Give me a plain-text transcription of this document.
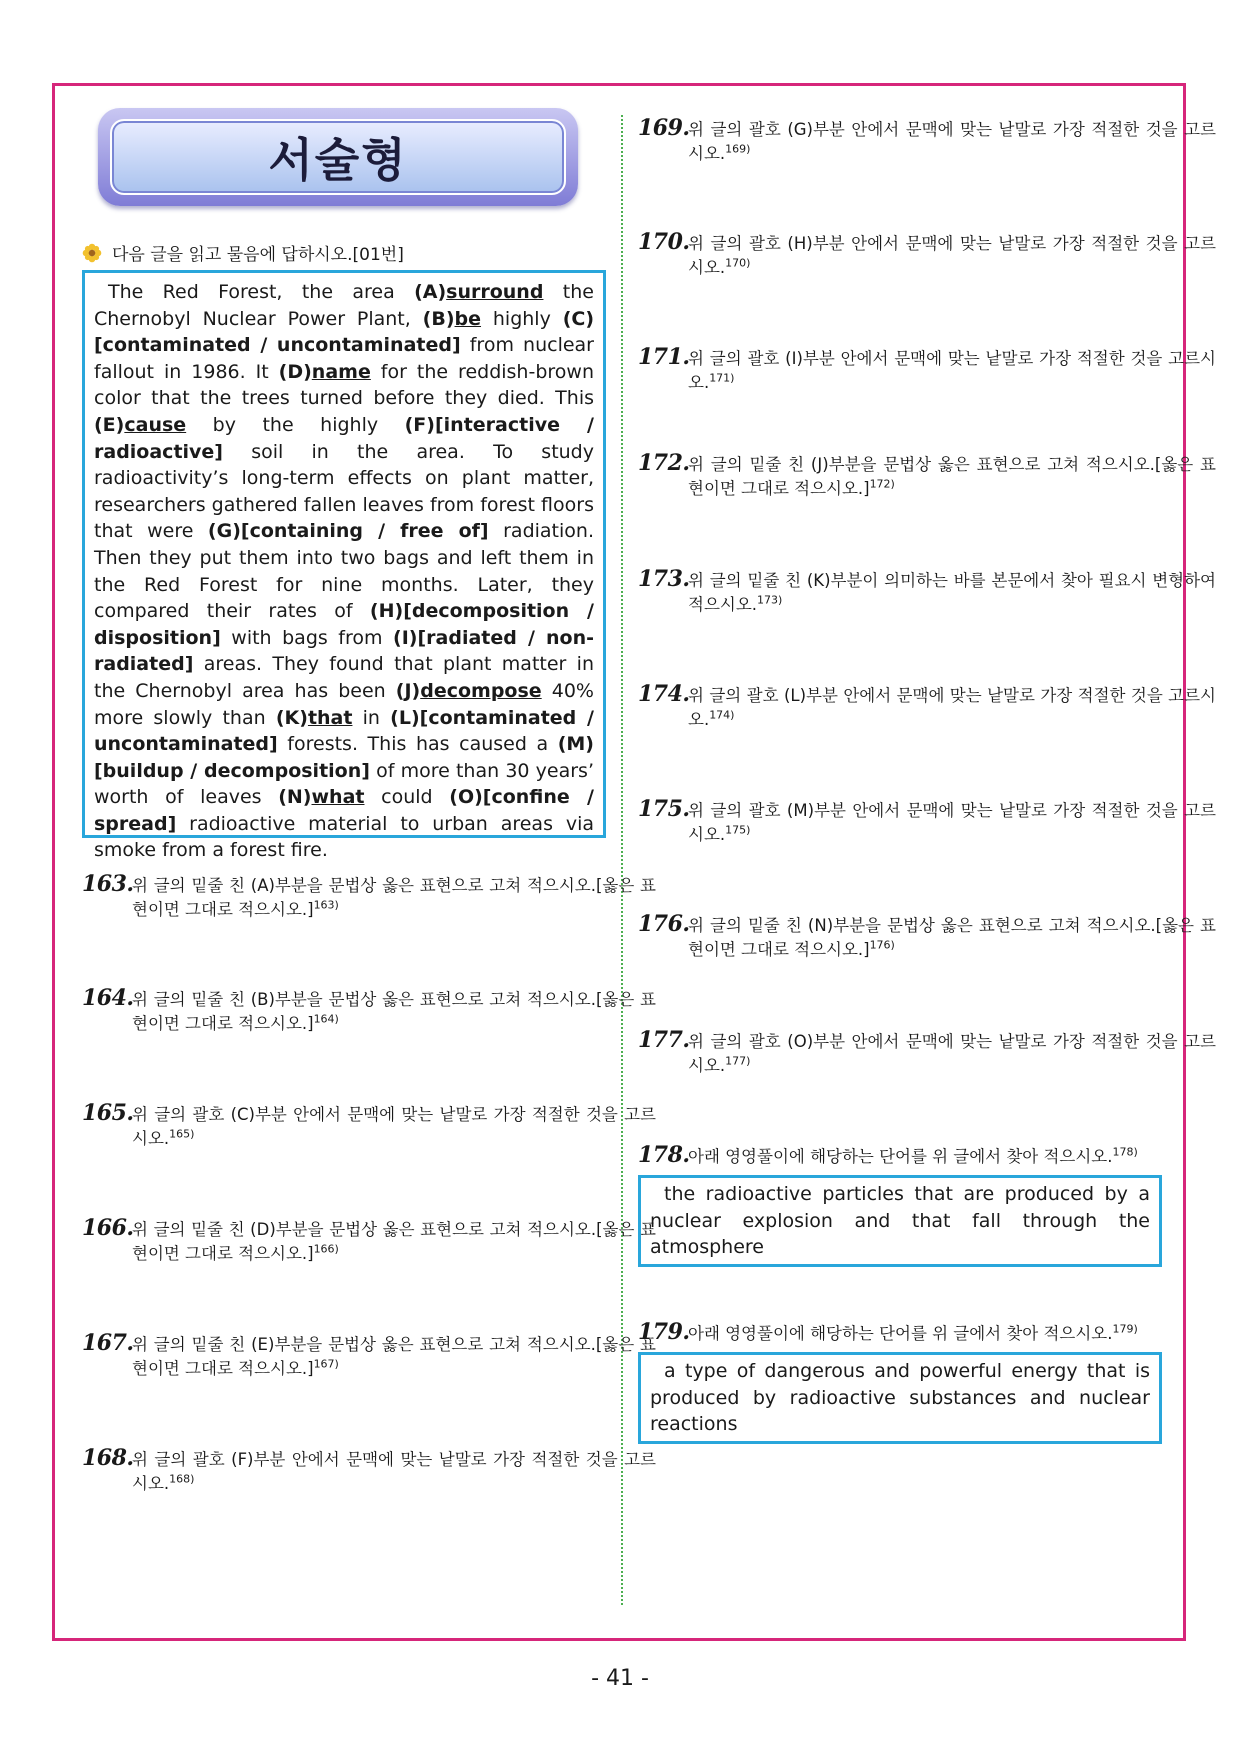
서술형
다음 글을 읽고 물음에 답하시오.[01번]

The Red Forest, the area (A)surround the Chernobyl Nuclear Power Plant, (B)be highly (C)[contaminated / uncontaminated] from nuclear fallout in 1986. It (D)name for the reddish-brown color that the trees turned before they died. This (E)cause by the highly (F)[interactive / radioactive] soil in the area. To study radioactivity’s long-term effects on plant matter, researchers gathered fallen leaves from forest floors that were (G)[containing / free of] radiation. Then they put them into two bags and left them in the Red Forest for nine months. Later, they compared their rates of (H)[decomposition / disposition] with bags from (I)[radiated / non-radiated] areas. They found that plant matter in the Chernobyl area has been (J)decompose 40% more slowly than (K)that in (L)[contaminated / uncontaminated] forests. This has caused a (M)[buildup / decomposition] of more than 30 years’ worth of leaves (N)what could (O)[confine / spread] radioactive material to urban areas via smoke from a forest fire.

163.위 글의 밑줄 친 (A)부분을 문법상 옳은 표현으로 고쳐 적으시오.[옳은 표현이면 그대로 적으시오.]$^{163)}$
164.위 글의 밑줄 친 (B)부분을 문법상 옳은 표현으로 고쳐 적으시오.[옳은 표현이면 그대로 적으시오.]$^{164)}$
165.위 글의 괄호 (C)부분 안에서 문맥에 맞는 낱말로 가장 적절한 것을 고르시오.$^{165)}$
166.위 글의 밑줄 친 (D)부분을 문법상 옳은 표현으로 고쳐 적으시오.[옳은 표현이면 그대로 적으시오.]$^{166)}$
167.위 글의 밑줄 친 (E)부분을 문법상 옳은 표현으로 고쳐 적으시오.[옳은 표현이면 그대로 적으시오.]$^{167)}$
168.위 글의 괄호 (F)부분 안에서 문맥에 맞는 낱말로 가장 적절한 것을 고르시오.$^{168)}$
169.위 글의 괄호 (G)부분 안에서 문맥에 맞는 낱말로 가장 적절한 것을 고르시오.$^{169)}$
170.위 글의 괄호 (H)부분 안에서 문맥에 맞는 낱말로 가장 적절한 것을 고르시오.$^{170)}$
171.위 글의 괄호 (I)부분 안에서 문맥에 맞는 낱말로 가장 적절한 것을 고르시오.$^{171)}$
172.위 글의 밑줄 친 (J)부분을 문법상 옳은 표현으로 고쳐 적으시오.[옳은 표현이면 그대로 적으시오.]$^{172)}$
173.위 글의 밑줄 친 (K)부분이 의미하는 바를 본문에서 찾아 필요시 변형하여 적으시오.$^{173)}$
174.위 글의 괄호 (L)부분 안에서 문맥에 맞는 낱말로 가장 적절한 것을 고르시오.$^{174)}$
175.위 글의 괄호 (M)부분 안에서 문맥에 맞는 낱말로 가장 적절한 것을 고르시오.$^{175)}$
176.위 글의 밑줄 친 (N)부분을 문법상 옳은 표현으로 고쳐 적으시오.[옳은 표현이면 그대로 적으시오.]$^{176)}$
177.위 글의 괄호 (O)부분 안에서 문맥에 맞는 낱말로 가장 적절한 것을 고르시오.$^{177)}$
178.아래 영영풀이에 해당하는 단어를 위 글에서 찾아 적으시오.$^{178)}$

the radioactive particles that are produced by a nuclear explosion and that fall through the atmosphere

179.아래 영영풀이에 해당하는 단어를 위 글에서 찾아 적으시오.$^{179)}$

a type of dangerous and powerful energy that is produced by radioactive substances and nuclear reactions

- 41 -
